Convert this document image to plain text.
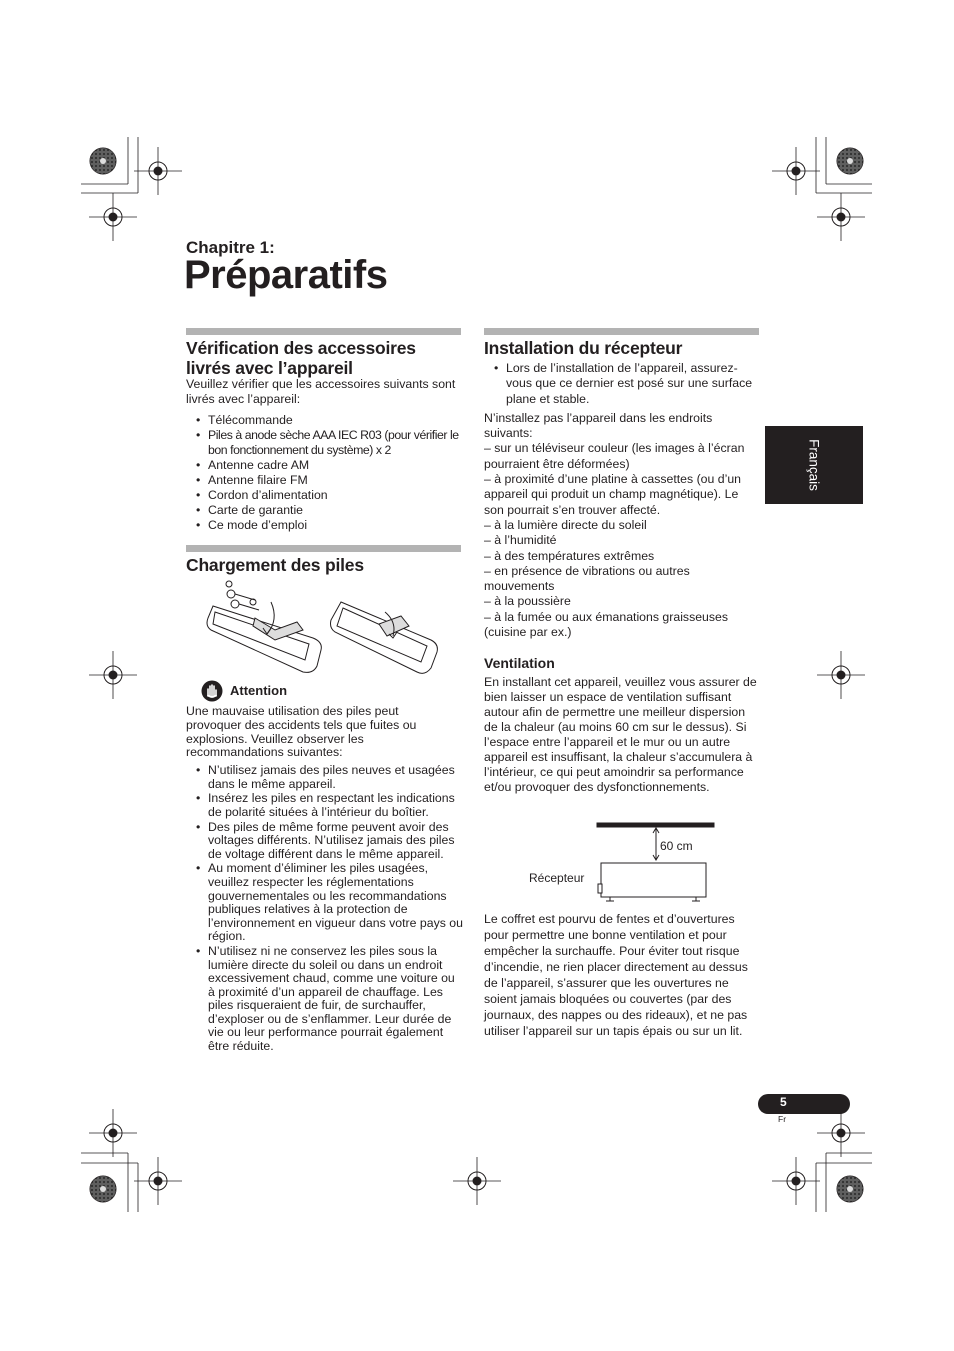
Chapitre 1:
Préparatifs
Vérification des accessoires
livrés avec l’appareil

Veuillez vérifier que les accessoires suivants sont livrés avec l’appareil:

• Télécommande
• Piles à anode sèche AAA IEC R03 (pour vérifier le bon fonctionnement du système) x 2
• Antenne cadre AM
• Antenne filaire FM
• Cordon d’alimentation
• Carte de garantie
• Ce mode d’emploi
Chargement des piles
Attention

Une mauvaise utilisation des piles peut provoquer des accidents tels que fuites ou explosions. Veuillez observer les recommandations suivantes:

• N’utilisez jamais des piles neuves et usagées dans le même appareil.
• Insérez les piles en respectant les indications de polarité situées à l’intérieur du boîtier.
• Des piles de même forme peuvent avoir des voltages différents. N’utilisez jamais des piles de voltage différent dans le même appareil.
• Au moment d’éliminer les piles usagées, veuillez respecter les réglementations gouvernementales ou les recommandations publiques relatives à la protection de l’environnement en vigueur dans votre pays ou région.
• N’utilisez ni ne conservez les piles sous la lumière directe du soleil ou dans un endroit excessivement chaud, comme une voiture ou à proximité d’un appareil de chauffage. Les piles risqueraient de fuir, de surchauffer, d’exploser ou de s’enflammer. Leur durée de vie ou leur performance pourrait également être réduite.
Installation du récepteur
• Lors de l’installation de l’appareil, assurez-vous que ce dernier est posé sur une surface plane et stable.

N’installez pas l’appareil dans les endroits suivants:

– sur un téléviseur couleur (les images à l’écran pourraient être déformées)

– à proximité d’une platine à cassettes (ou d’un appareil qui produit un champ magnétique). Le son pourrait s’en trouver affecté.

– à la lumière directe du soleil

– à l’humidité

– à des températures extrêmes

– en présence de vibrations ou autres mouvements

– à la poussière

– à la fumée ou aux émanations graisseuses (cuisine par ex.)

Ventilation
En installant cet appareil, veuillez vous assurer de bien laisser un espace de ventilation suffisant autour afin de permettre une meilleur dispersion de la chaleur (au moins 60 cm sur le dessus). Si l’espace entre l’appareil et le mur ou un autre appareil est insuffisant, la chaleur s’accumulera à l’intérieur, ce qui peut amoindrir sa performance et/ou provoquer des dysfonctionnements.
60 cm
Récepteur
Le coffret est pourvu de fentes et d’ouvertures pour permettre une bonne ventilation et pour empêcher la surchauffe. Pour éviter tout risque d’incendie, ne rien placer directement au dessus de l’appareil, s’assurer que les ouvertures ne soient jamais bloquées ou couvertes (par des journaux, des nappes ou des rideaux), et ne pas utiliser l’appareil sur un tapis épais ou sur un lit.
Français
5
Fr
